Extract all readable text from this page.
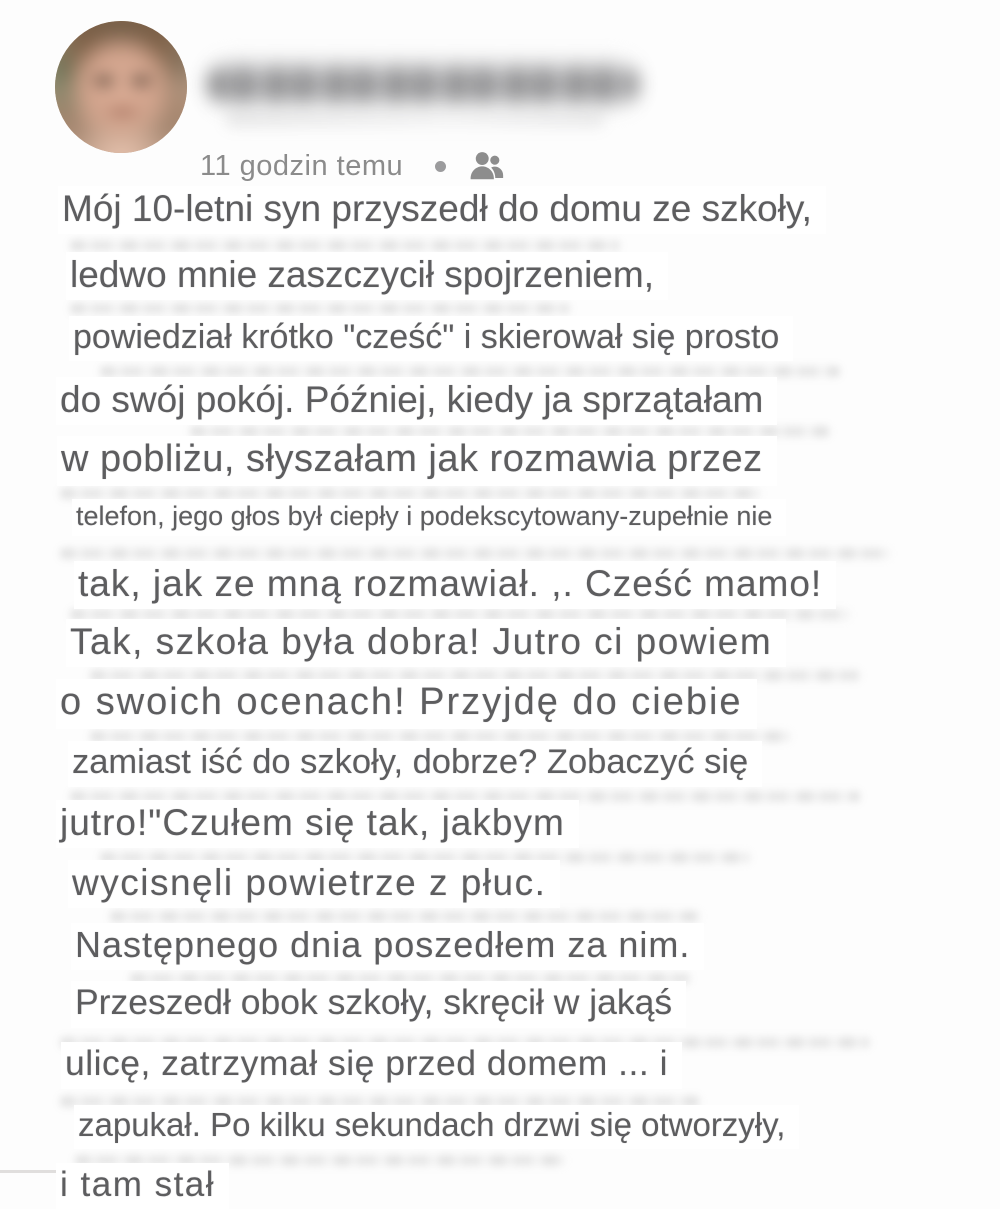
11 godzin temu

Mój 10-letni syn przyszedł do domu ze szkoły,

ledwo mnie zaszczycił spojrzeniem,

powiedział krótko "cześć" i skierował się prosto

do swój pokój. Później, kiedy ja sprzątałam

w pobliżu, słyszałam jak rozmawia przez

telefon, jego głos był ciepły i podekscytowany-zupełnie nie

tak, jak ze mną rozmawiał. ,. Cześć mamo!

Tak, szkoła była dobra! Jutro ci powiem

o swoich ocenach! Przyjdę do ciebie

zamiast iść do szkoły, dobrze? Zobaczyć się

jutro!"Czułem się tak, jakbym

wycisnęli powietrze z płuc.

Następnego dnia poszedłem za nim.

Przeszedł obok szkoły, skręcił w jakąś

ulicę, zatrzymał się przed domem ... i

zapukał. Po kilku sekundach drzwi się otworzyły,

i tam stał
